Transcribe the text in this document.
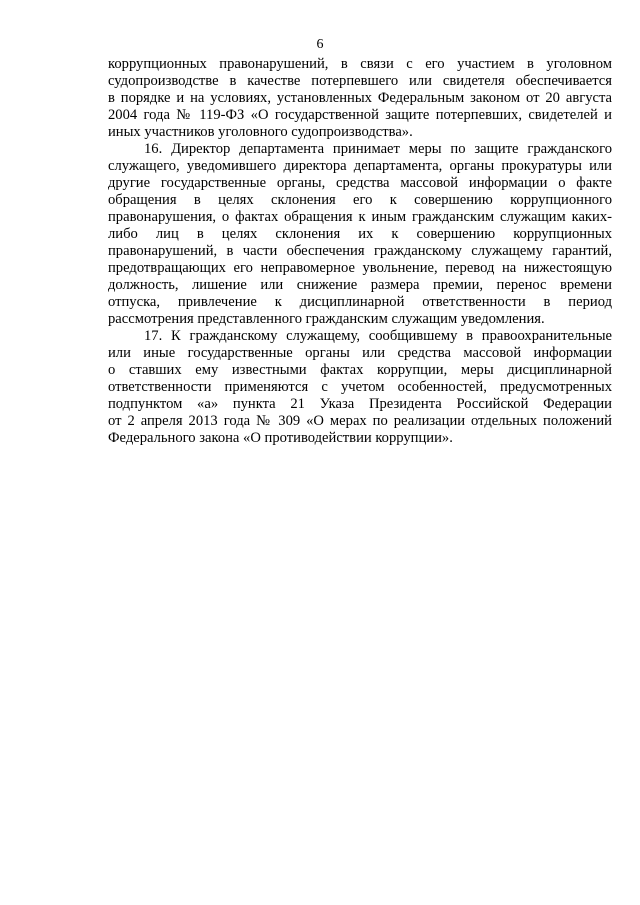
6
коррупционных правонарушений, в связи с его участием в уголовном
судопроизводстве в качестве потерпевшего или свидетеля обеспечивается
в порядке и на условиях, установленных Федеральным законом от 20 августа
2004 года № 119-ФЗ «О государственной защите потерпевших, свидетелей и
иных участников уголовного судопроизводства».
16. Директор департамента принимает меры по защите гражданского
служащего, уведомившего директора департамента, органы прокуратуры или
другие государственные органы, средства массовой информации о факте
обращения в целях склонения его к совершению коррупционного
правонарушения, о фактах обращения к иным гражданским служащим каких-
либо лиц в целях склонения их к совершению коррупционных
правонарушений, в части обеспечения гражданскому служащему гарантий,
предотвращающих его неправомерное увольнение, перевод на нижестоящую
должность, лишение или снижение размера премии, перенос времени
отпуска, привлечение к дисциплинарной ответственности в период
рассмотрения представленного гражданским служащим уведомления.
17. К гражданскому служащему, сообщившему в правоохранительные
или иные государственные органы или средства массовой информации
о ставших ему известными фактах коррупции, меры дисциплинарной
ответственности применяются с учетом особенностей, предусмотренных
подпунктом «а» пункта 21 Указа Президента Российской Федерации
от 2 апреля 2013 года № 309 «О мерах по реализации отдельных положений
Федерального закона «О противодействии коррупции».
